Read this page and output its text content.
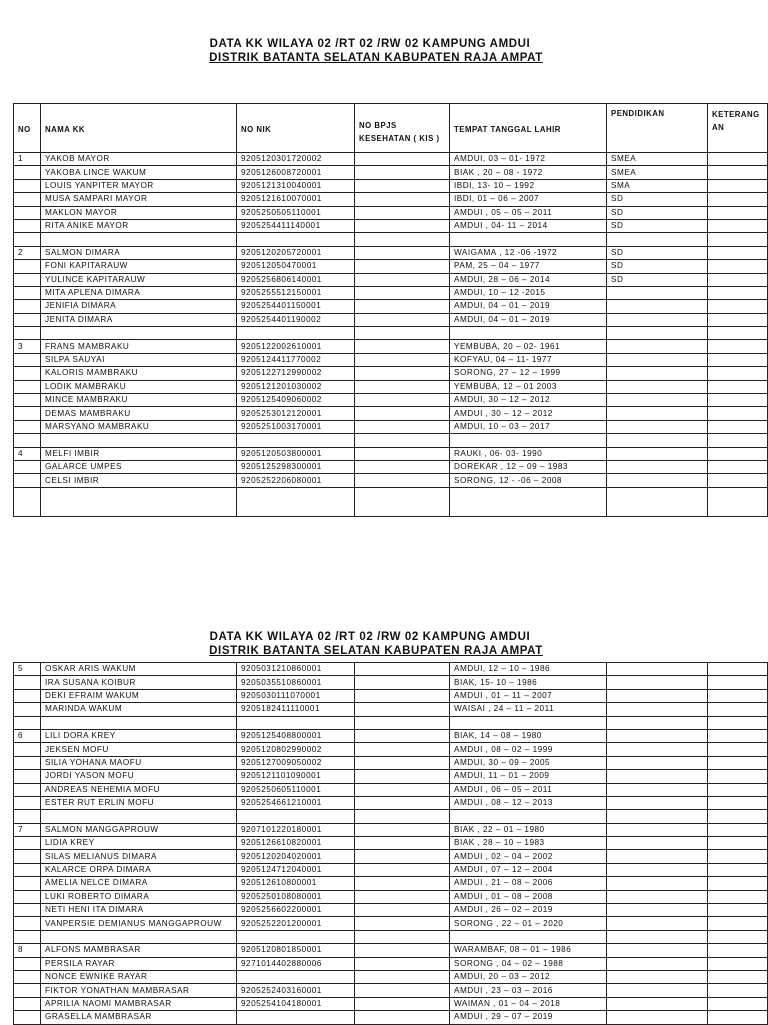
DATA KK WILAYA 02 /RT 02 /RW 02 KAMPUNG AMDUI
DISTRIK BATANTA SELATAN KABUPATEN RAJA AMPAT
NO	NAMA KK	NO NIK	NO BPJS KESEHATAN ( KIS )	TEMPAT TANGGAL LAHIR	PENDIDIKAN	KETERANG AN
1	YAKOB MAYOR	9205120301720002		AMDUI, 03 – 01- 1972	SMEA	
	YAKOBA LINCE WAKUM	9205126008720001		BIAK , 20 – 08 - 1972	SMEA	
	LOUIS YANPITER MAYOR	9205121310040001		IBDI, 13- 10 – 1992	SMA	
	MUSA SAMPARI MAYOR	9205121610070001		IBDI, 01 – 06 – 2007	SD	
	MAKLON MAYOR	9205250505110001		AMDUI , 05 – 05 – 2011	SD	
	RITA ANIKE MAYOR	9205254411140001		AMDUI , 04- 11 – 2014	SD	

2	SALMON DIMARA	9205120205720001		WAIGAMA , 12 -06 -1972	SD	
	FONI KAPITARAUW	920512050470001		PAM, 25 – 04 – 1977	SD	
	YULINCE KAPITARAUW	9205256806140001		AMDUI, 28 – 06 – 2014	SD	
	MITA APLENA DIMARA	9205255512150001		AMDUI, 10 – 12 -2015		
	JENIFIA DIMARA	9205254401150001		AMDUI, 04 – 01 – 2019		
	JENITA DIMARA	9205254401190002		AMDUI, 04 – 01 – 2019		

3	FRANS MAMBRAKU	9205122002610001		YEMBUBA, 20 – 02- 1961		
	SILPA SAUYAI	9205124411770002		KOFYAU, 04 – 11- 1977		
	KALORIS MAMBRAKU	9205122712990002		SORONG, 27 – 12 – 1999		
	LODIK MAMBRAKU	9205121201030002		YEMBUBA, 12 – 01 2003		
	MINCE MAMBRAKU	9205125409060002		AMDUI, 30 – 12 – 2012		
	DEMAS MAMBRAKU	9205253012120001		AMDUI , 30 – 12 – 2012		
	MARSYANO MAMBRAKU	9205251003170001		AMDUI, 10 – 03 – 2017		

4	MELFI IMBIR	9205120503800001		RAUKI , 06- 03- 1990		
	GALARCE UMPES	9205125298300001		DOREKAR , 12 – 09 – 1983		
	CELSI IMBIR	9205252206080001		SORONG, 12 - -06 – 2008		

DATA KK WILAYA 02 /RT 02 /RW 02 KAMPUNG AMDUI
DISTRIK BATANTA SELATAN KABUPATEN RAJA AMPAT
5	OSKAR ARIS WAKUM	9205031210860001		AMDUI, 12 – 10 – 1986		
	IRA SUSANA KOIBUR	9205035510860001		BIAK, 15- 10 – 1986		
	DEKI EFRAIM WAKUM	9205030111070001		AMDUI , 01 – 11 – 2007		
	MARINDA WAKUM	9205182411110001		WAISAI , 24 – 11 – 2011		

6	LILI DORA KREY	9205125408800001		BIAK, 14 – 08 – 1980		
	JEKSEN MOFU	9205120802990002		AMDUI , 08 – 02 – 1999		
	SILIA YOHANA MAOFU	9205127009050002		AMDUI, 30 – 09 – 2005		
	JORDI YASON MOFU	9205121101090001		AMDUI, 11 – 01 – 2009		
	ANDREAS NEHEMIA MOFU	9205250605110001		AMDUI , 06 – 05 – 2011		
	ESTER RUT ERLIN MOFU	9205254661210001		AMDUI , 08 – 12 – 2013		

7	SALMON MANGGAPROUW	9207101220180001		BIAK , 22 – 01 – 1980		
	LIDIA KREY	9205126610820001		BIAK , 28 – 10 – 1983		
	SILAS MELIANUS DIMARA	9205120204020001		AMDUI , 02 – 04 – 2002		
	KALARCE ORPA DIMARA	9205124712040001		AMDUI , 07 – 12 – 2004		
	AMELIA NELCE DIMARA	920512610800001		AMDUI , 21 – 08 – 2006		
	LUKI ROBERTO DIMARA	9205250108080001		AMDUI , 01 – 08 – 2008		
	NETI HENI ITA DIMARA	9205256602200001		AMDUI , 26 – 02 – 2019		
	VANPERSIE DEMIANUS MANGGAPROUW	9205252201200001		SORONG , 22 – 01 – 2020		

8	ALFONS MAMBRASAR	9205120801850001		WARAMBAF, 08 – 01 – 1986		
	PERSILA RAYAR	9271014402880006		SORONG , 04 – 02 – 1988		
	NONCE EWNIKE RAYAR			AMDUI, 20 – 03 – 2012		
	FIKTOR YONATHAN MAMBRASAR	9205252403160001		AMDUI , 23 – 03 – 2016		
	APRILIA NAOMI MAMBRASAR	9205254104180001		WAIMAN , 01 – 04 – 2018		
	GRASELLA MAMBRASAR			AMDUI , 29 – 07 – 2019		
